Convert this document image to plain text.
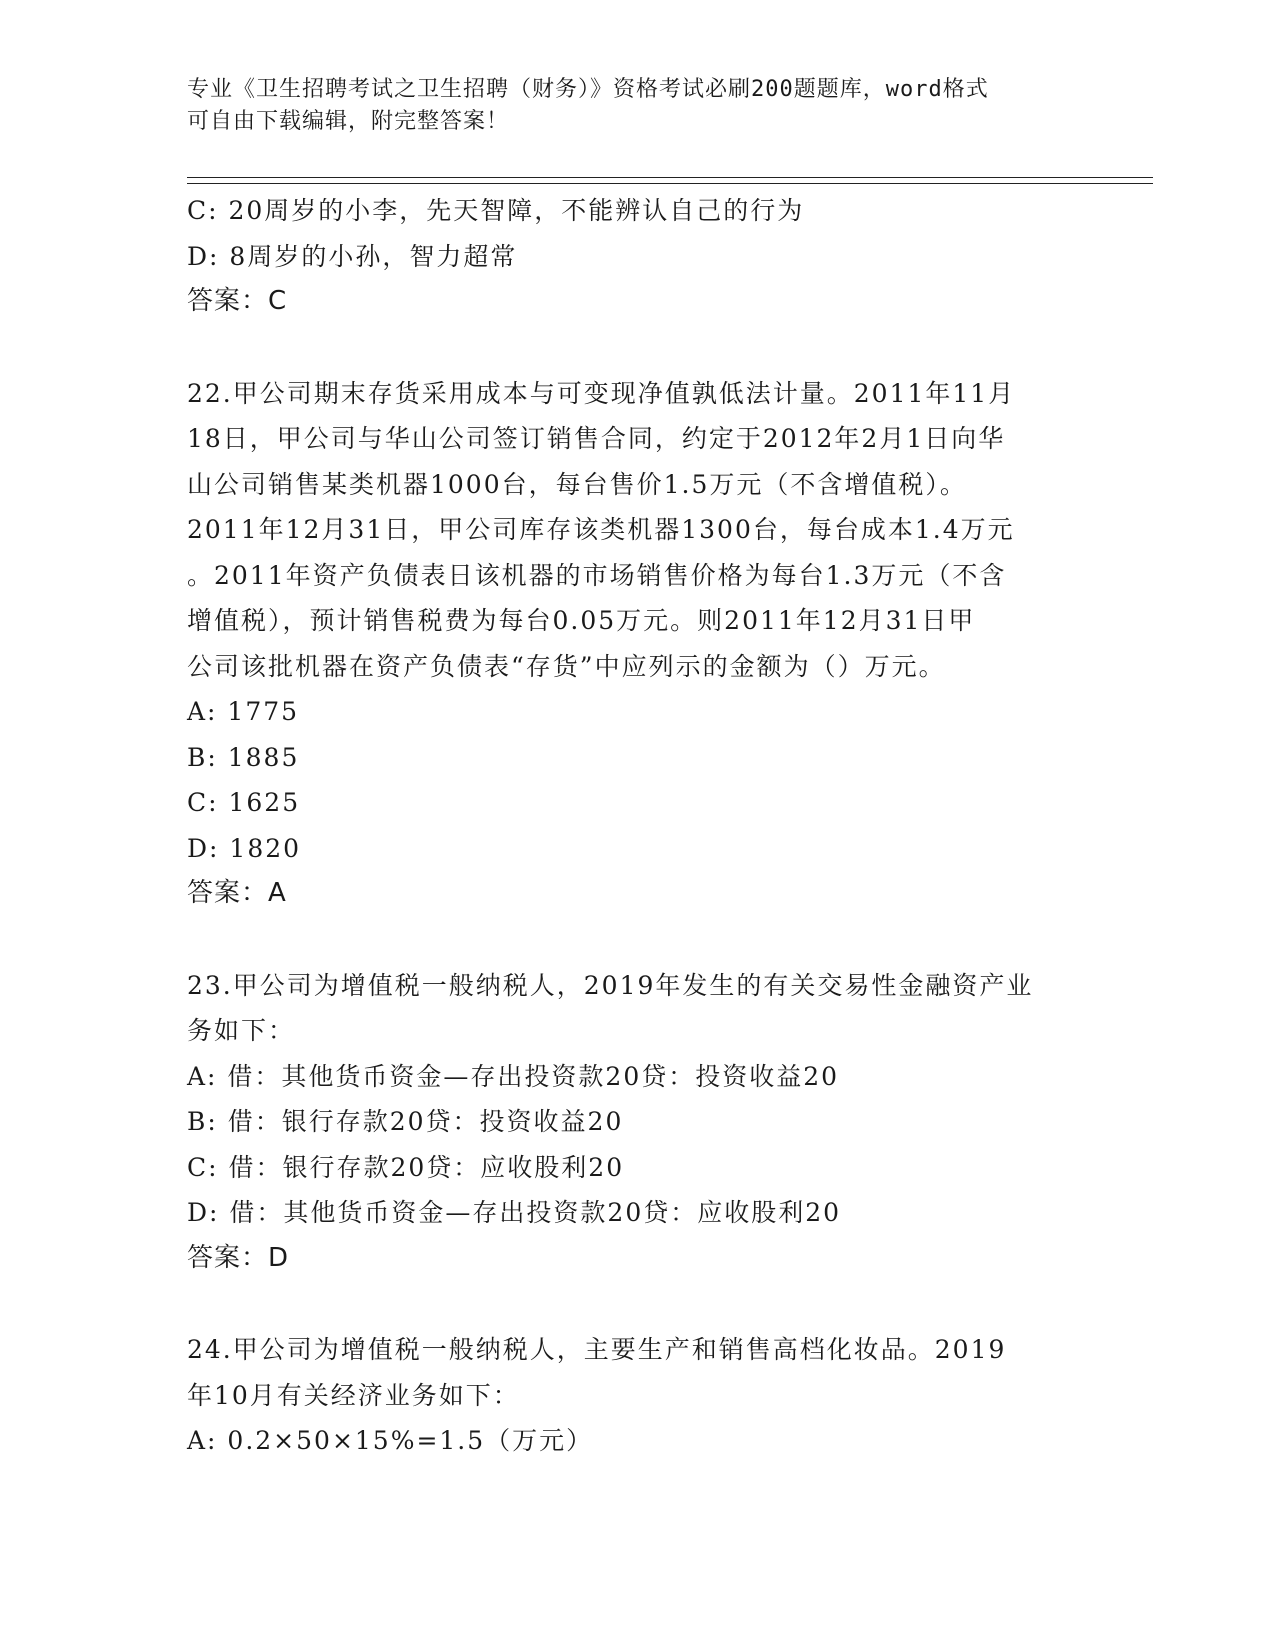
专业《卫生招聘考试之卫生招聘（财务）》资格考试必刷200题题库，word格式
可自由下载编辑，附完整答案！
C: 20周岁的小李，先天智障，不能辨认自己的行为
D: 8周岁的小孙，智力超常
答案：C
22.甲公司期末存货采用成本与可变现净值孰低法计量。2011年11月
18日，甲公司与华山公司签订销售合同，约定于2012年2月1日向华
山公司销售某类机器1000台，每台售价1.5万元（不含增值税）。
2011年12月31日，甲公司库存该类机器1300台，每台成本1.4万元
。2011年资产负债表日该机器的市场销售价格为每台1.3万元（不含
增值税），预计销售税费为每台0.05万元。则2011年12月31日甲
公司该批机器在资产负债表“存货”中应列示的金额为（）万元。
A: 1775
B: 1885
C: 1625
D: 1820
答案：A
23.甲公司为增值税一般纳税人，2019年发生的有关交易性金融资产业
务如下：
A: 借：其他货币资金—存出投资款20贷：投资收益20
B: 借：银行存款20贷：投资收益20
C: 借：银行存款20贷：应收股利20
D: 借：其他货币资金—存出投资款20贷：应收股利20
答案：D
24.甲公司为增值税一般纳税人，主要生产和销售高档化妆品。2019
年10月有关经济业务如下：
A: 0.2×50×15%=1.5（万元）
